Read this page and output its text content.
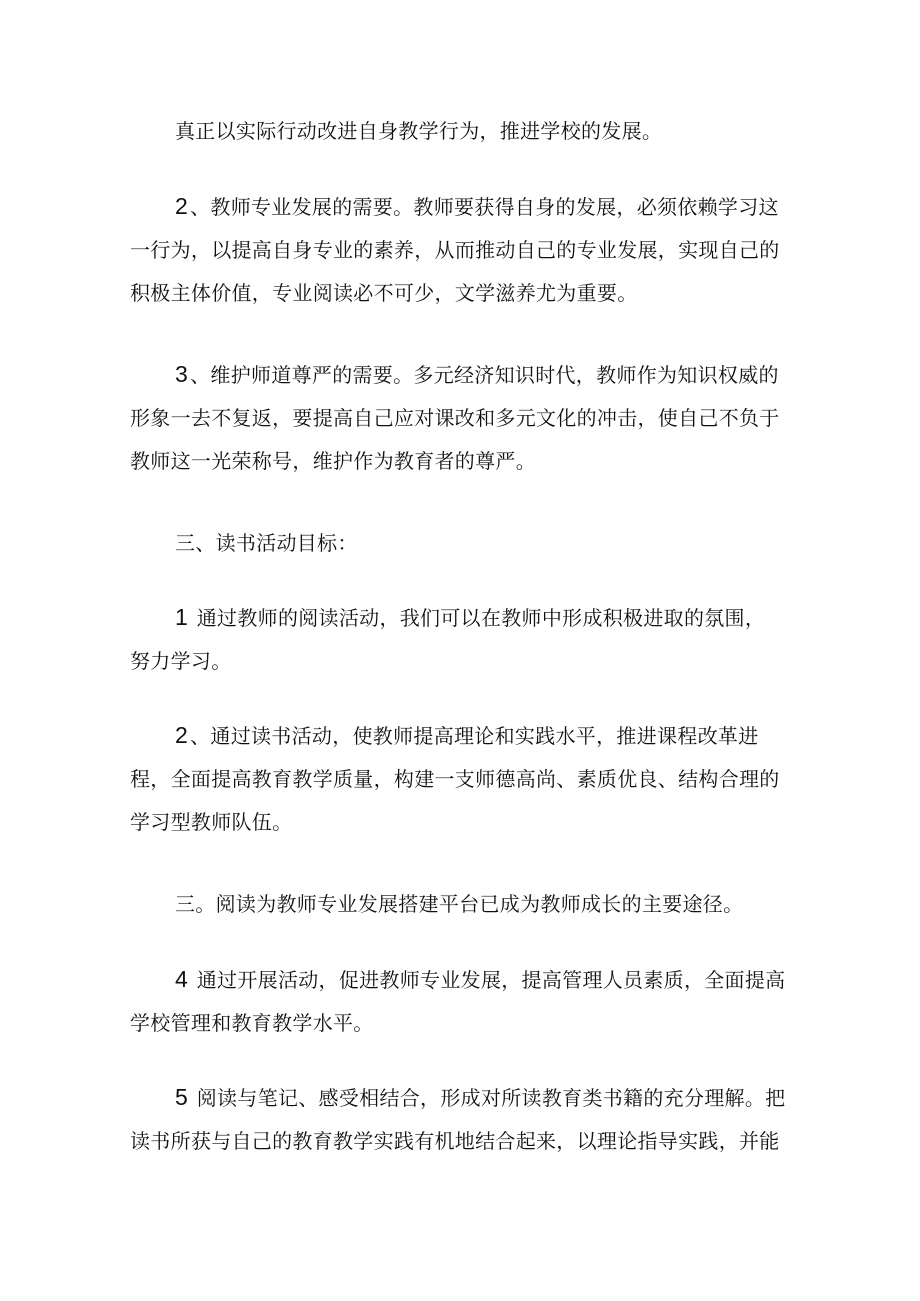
真正以实际行动改进自身教学行为，推进学校的发展。
2 、教师专业发展的需要。教师要获得自身的发展，必须依赖学习这
一行为，以提高自身专业的素养，从而推动自己的专业发展，实现自己的
积极主体价值，专业阅读必不可少，文学滋养尤为重要。
3 、维护师道尊严的需要。多元经济知识时代，教师作为知识权威的
形象一去不复返，要提高自己应对课改和多元文化的冲击，使自己不负于
教师这一光荣称号，维护作为教育者的尊严。
三、读书活动目标：
1 通过教师的阅读活动，我们可以在教师中形成积极进取的氛围，
努力学习。
2 、通过读书活动，使教师提高理论和实践水平，推进课程改革进
程，全面提高教育教学质量，构建一支师德高尚、素质优良、结构合理的
学习型教师队伍。
三。阅读为教师专业发展搭建平台已成为教师成长的主要途径。
4 通过开展活动，促进教师专业发展，提高管理人员素质，全面提高
学校管理和教育教学水平。
5 阅读与笔记、感受相结合，形成对所读教育类书籍的充分理解。把
读书所获与自己的教育教学实践有机地结合起来，以理论指导实践，并能
